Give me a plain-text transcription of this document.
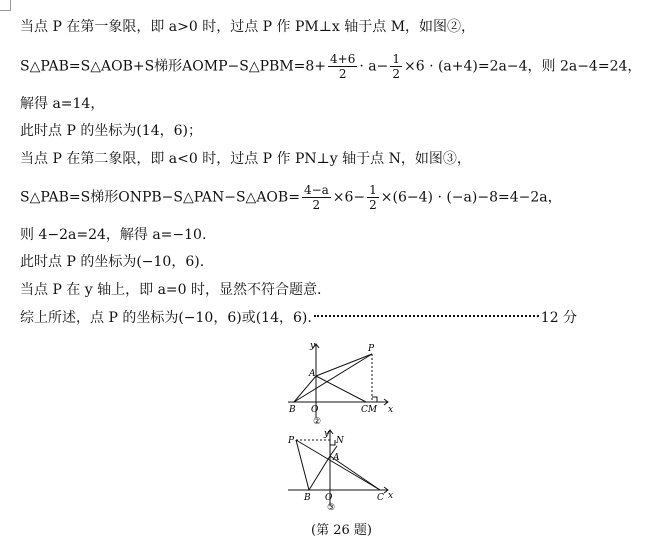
当点 P 在第一象限，即 a>0 时，过点 P 作 PM⊥x 轴于点 M，如图②，
S△PAB=S△AOB+S梯形AOMP−S△PBM=8+ $\frac{4+6}{2} \cdot a- \frac{1}{2} \times 6 \cdot (a+4)=2a-4$，则 2a−4=24，
解得 a=14，
此时点 P 的坐标为(14，6)；
当点 P 在第二象限，即 a<0 时，过点 P 作 PN⊥y 轴于点 N，如图③，
S△PAB=S梯形ONPB−S△PAN−S△AOB= $\frac{4-a}{2} \times 6- \frac{1}{2} \times(6-4) \cdot (-a)-8=4-2a$，
则 4−2a=24，解得 a=−10.
此时点 P 的坐标为(−10，6).
当点 P 在 y 轴上，即 a=0 时，显然不符合题意.
综上所述，点 P 的坐标为(−10，6)或(14，6).	12 分
y
x
P
A
B O	CM
②
y
x
P	N
A
B O	C
③
(第 26 题)
